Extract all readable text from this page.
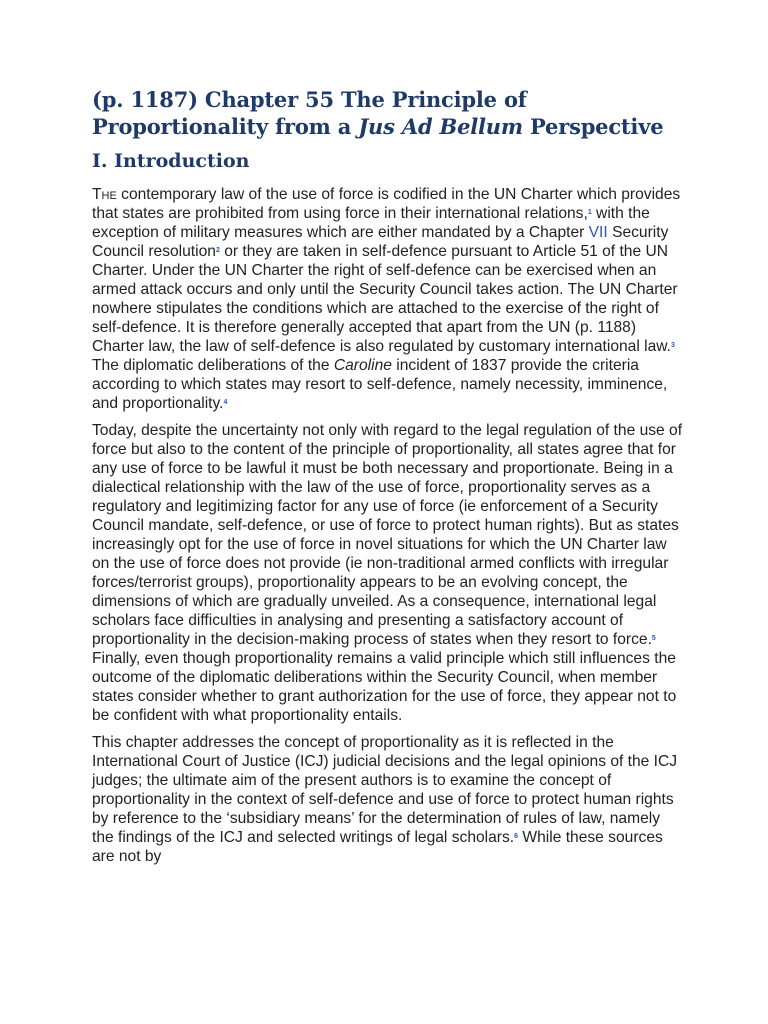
(p. 1187) Chapter 55 The Principle of Proportionality from a Jus Ad Bellum Perspective
I. Introduction

The contemporary law of the use of force is codified in the UN Charter which provides that states are prohibited from using force in their international relations,$^1$ with the exception of military measures which are either mandated by a Chapter VII Security Council resolution$^2$ or they are taken in self-defence pursuant to Article 51 of the UN Charter. Under the UN Charter the right of self-defence can be exercised when an armed attack occurs and only until the Security Council takes action. The UN Charter nowhere stipulates the conditions which are attached to the exercise of the right of self-defence. It is therefore generally accepted that apart from the UN (p. 1188) Charter law, the law of self-defence is also regulated by customary international law.$^3$ The diplomatic deliberations of the Caroline incident of 1837 provide the criteria according to which states may resort to self-defence, namely necessity, imminence, and proportionality.$^4$

Today, despite the uncertainty not only with regard to the legal regulation of the use of force but also to the content of the principle of proportionality, all states agree that for any use of force to be lawful it must be both necessary and proportionate. Being in a dialectical relationship with the law of the use of force, proportionality serves as a regulatory and legitimizing factor for any use of force (ie enforcement of a Security Council mandate, self-defence, or use of force to protect human rights). But as states increasingly opt for the use of force in novel situations for which the UN Charter law on the use of force does not provide (ie non-traditional armed conflicts with irregular forces/terrorist groups), proportionality appears to be an evolving concept, the dimensions of which are gradually unveiled. As a consequence, international legal scholars face difficulties in analysing and presenting a satisfactory account of proportionality in the decision-making process of states when they resort to force.$^5$ Finally, even though proportionality remains a valid principle which still influences the outcome of the diplomatic deliberations within the Security Council, when member states consider whether to grant authorization for the use of force, they appear not to be confident with what proportionality entails.

This chapter addresses the concept of proportionality as it is reflected in the International Court of Justice (ICJ) judicial decisions and the legal opinions of the ICJ judges; the ultimate aim of the present authors is to examine the concept of proportionality in the context of self-defence and use of force to protect human rights by reference to the ‘subsidiary means’ for the determination of rules of law, namely the findings of the ICJ and selected writings of legal scholars.$^6$ While these sources are not by
